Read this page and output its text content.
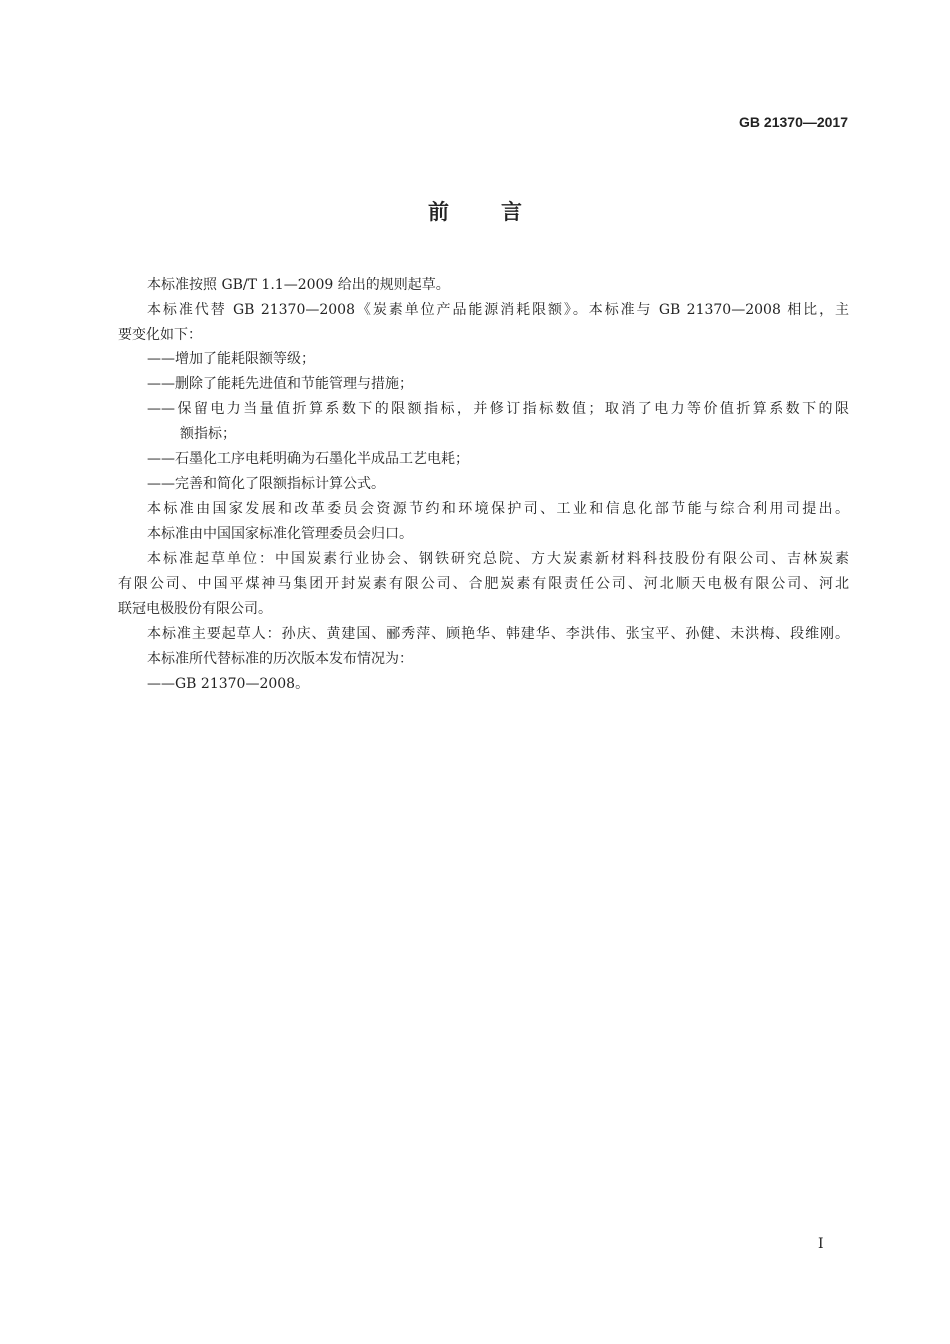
GB 21370—2017
前言
本标准按照 GB/T 1.1—2009 给出的规则起草。
本标准代替 GB 21370—2008《炭素单位产品能源消耗限额》。本标准与 GB 21370—2008 相比，主
要变化如下：
——增加了能耗限额等级；
——删除了能耗先进值和节能管理与措施；
——保留电力当量值折算系数下的限额指标，并修订指标数值；取消了电力等价值折算系数下的限
额指标；
——石墨化工序电耗明确为石墨化半成品工艺电耗；
——完善和简化了限额指标计算公式。
本标准由国家发展和改革委员会资源节约和环境保护司、工业和信息化部节能与综合利用司提出。
本标准由中国国家标准化管理委员会归口。
本标准起草单位：中国炭素行业协会、钢铁研究总院、方大炭素新材料科技股份有限公司、吉林炭素
有限公司、中国平煤神马集团开封炭素有限公司、合肥炭素有限责任公司、河北顺天电极有限公司、河北
联冠电极股份有限公司。
本标准主要起草人：孙庆、黄建国、郦秀萍、顾艳华、韩建华、李洪伟、张宝平、孙健、未洪梅、段维刚。
本标准所代替标准的历次版本发布情况为：
——GB 21370—2008。
I
